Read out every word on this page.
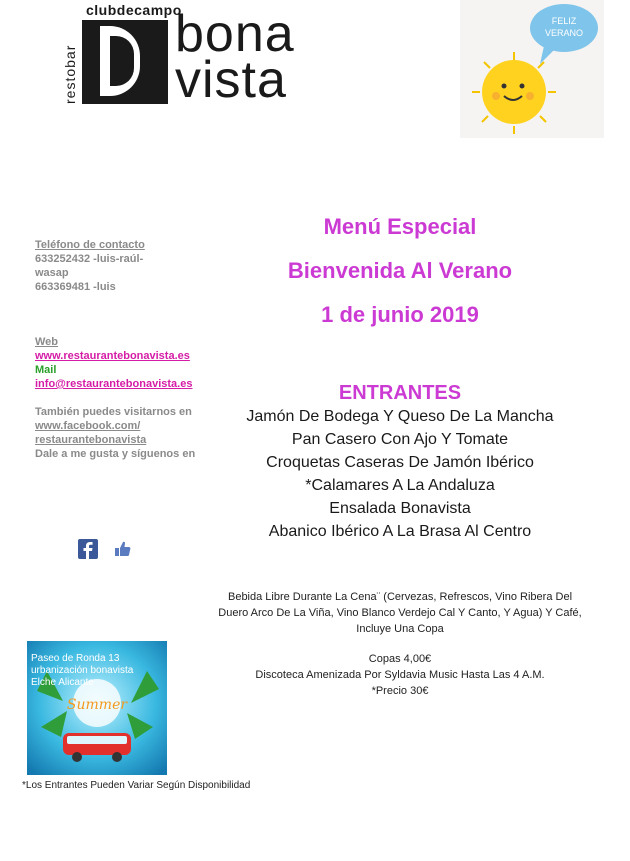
restobar
clubdecampo
bona
vista
FELIZ
VERANO
Teléfono de contacto
633252432 -luis-raúl-
wasap
663369481 -luis
Web
www.restaurantebonavista.es
Mail
info@restaurantebonavista.es
También puedes visitarnos en
www.facebook.com/
restaurantebonavista
Dale a me gusta y síguenos en
Menú Especial
Bienvenida Al Verano
1 de junio 2019
ENTRANTES
Jamón De Bodega Y Queso De La Mancha
Pan Casero Con Ajo Y Tomate
Croquetas Caseras De Jamón Ibérico
*Calamares A La Andaluza
Ensalada Bonavista
Abanico Ibérico A La Brasa Al Centro
Bebida Libre Durante La Cena¨ (Cervezas, Refrescos, Vino Ribera Del
Duero Arco De La Viña, Vino Blanco Verdejo Cal Y Canto, Y Agua) Y Café,
Incluye Una Copa
Copas 4,00€
Discoteca Amenizada Por Syldavia Music Hasta Las 4 A.M.
*Precio 30€
Summer
Paseo de Ronda 13
urbanización bonavista
Elche Alicante
*Los Entrantes Pueden Variar Según Disponibilidad
